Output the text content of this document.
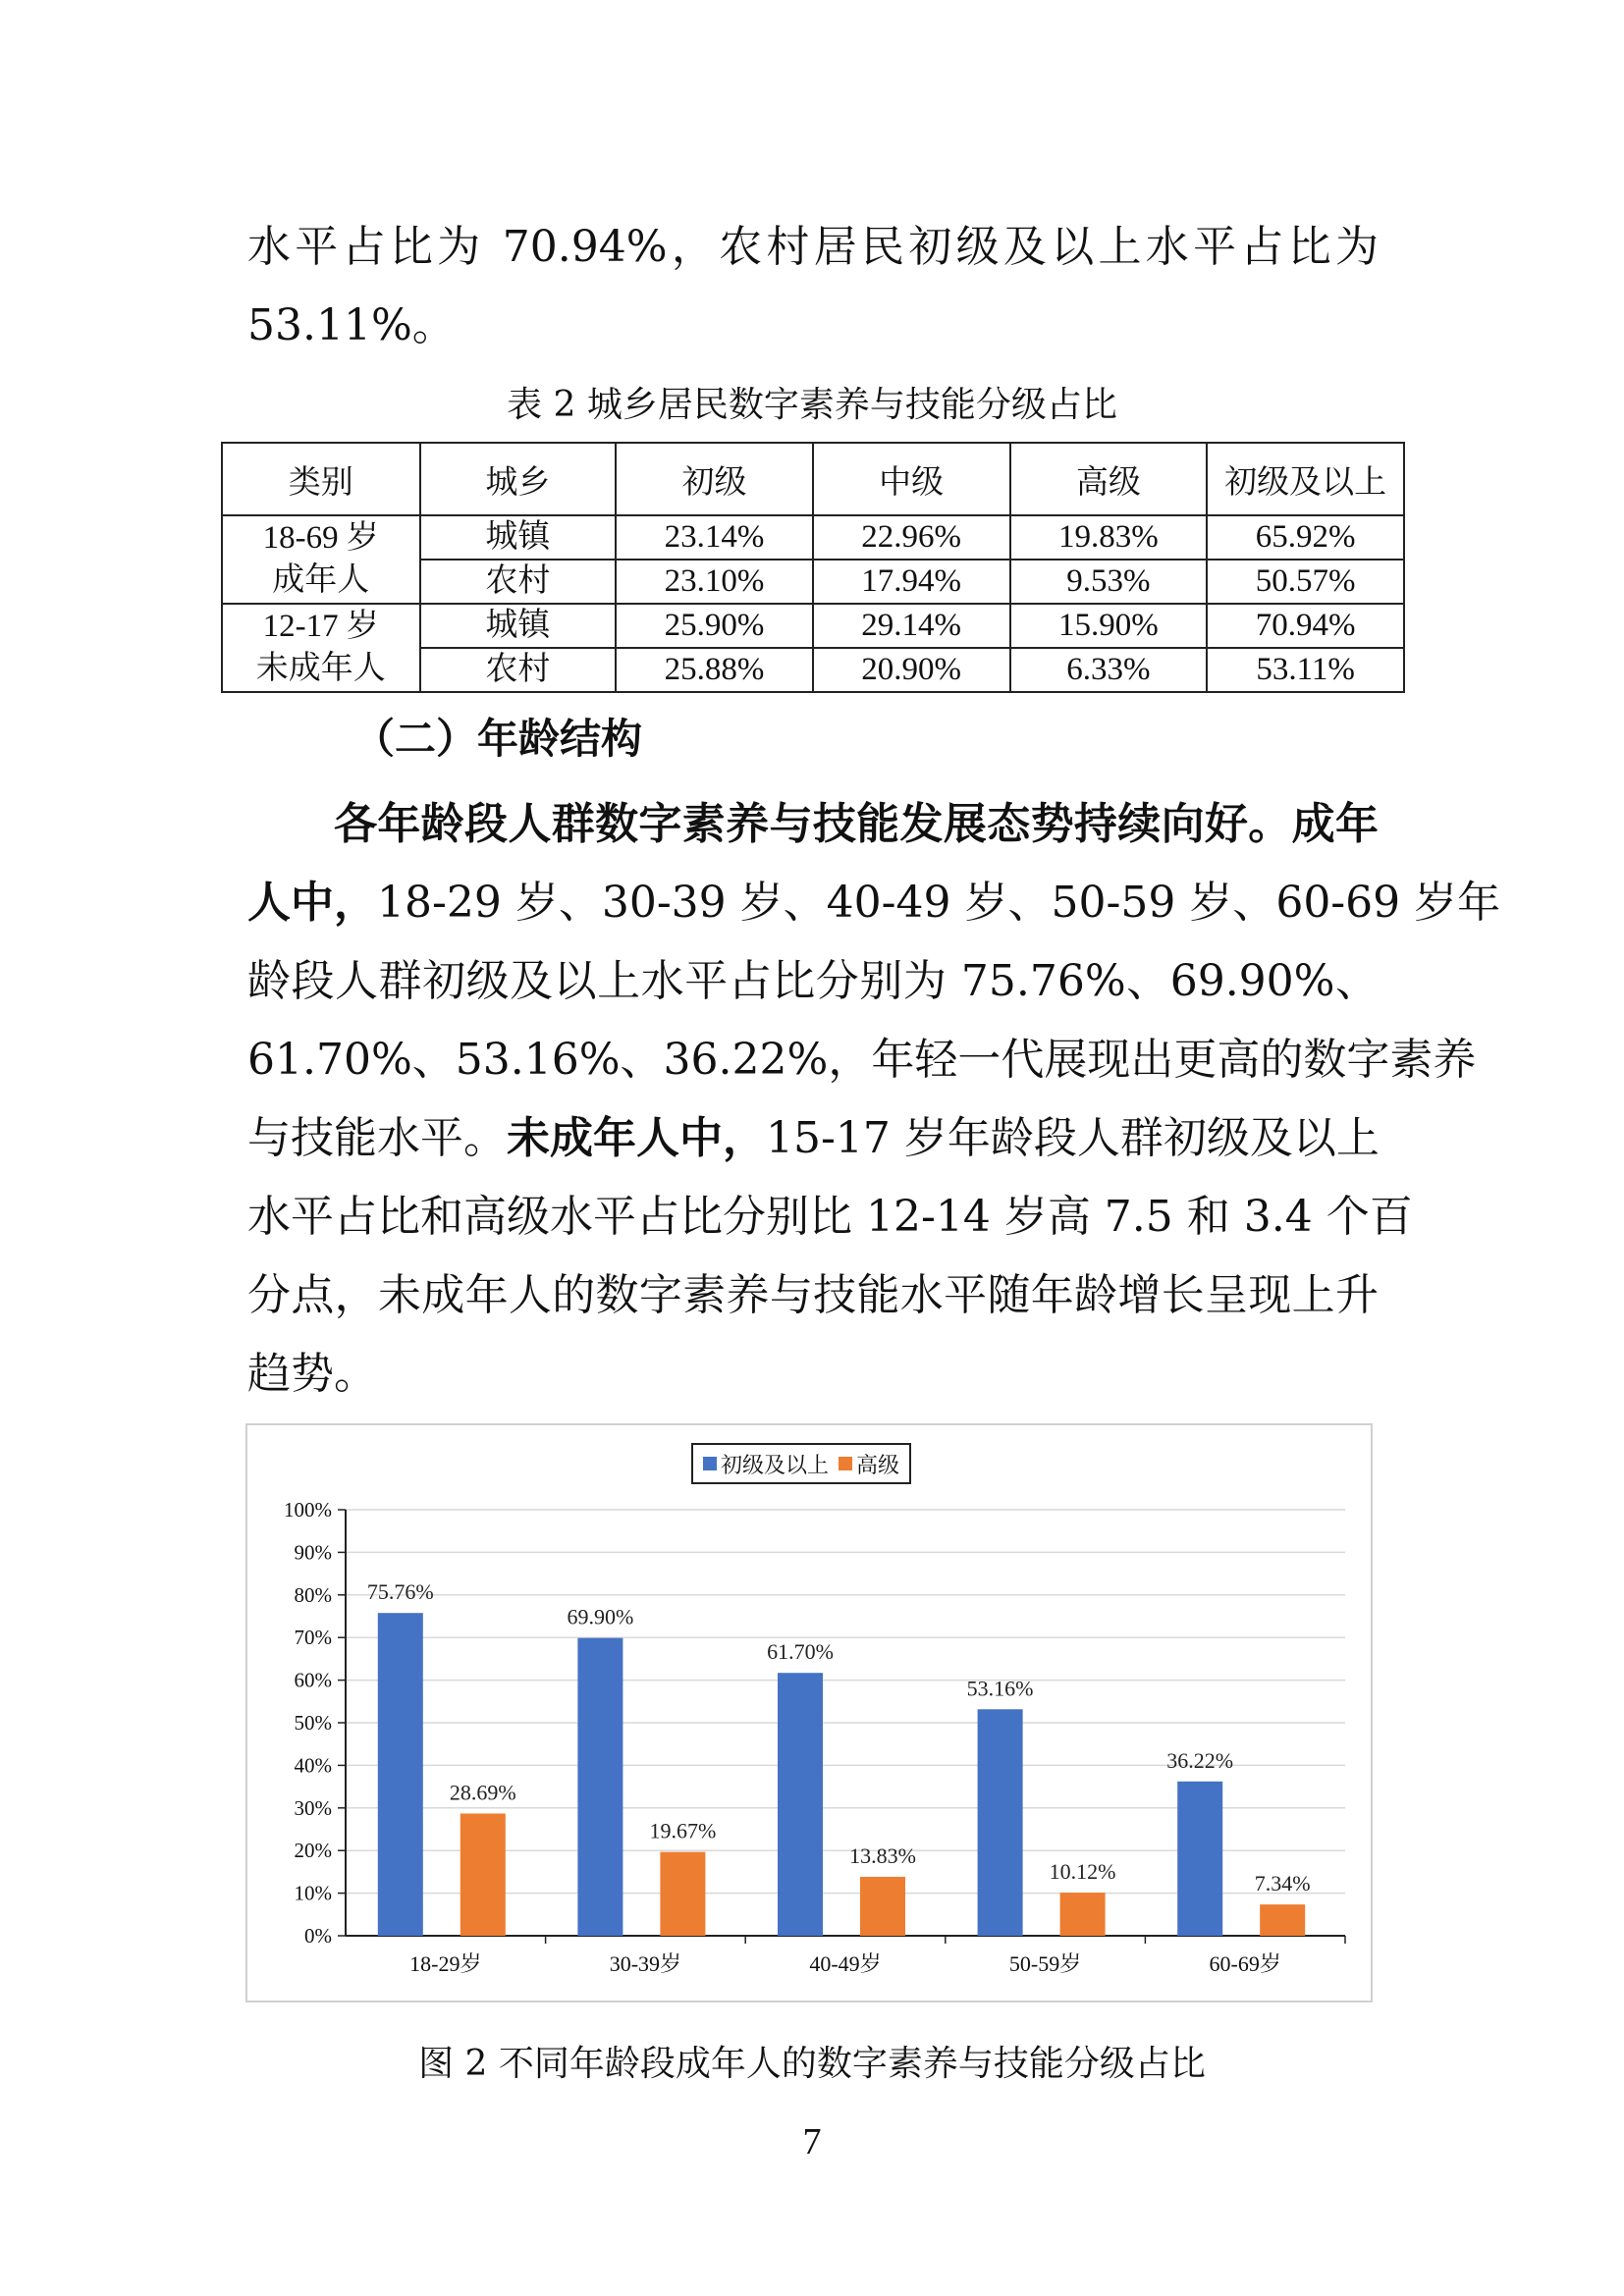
水平占比为 70.94%，农村居民初级及以上水平占比为
53.11%。
表 2 城乡居民数字素养与技能分级占比
类别	城乡	初级	中级	高级	初级及以上
18-69 岁
成年人	城镇	23.14%	22.96%	19.83%	65.92%
	农村	23.10%	17.94%	9.53%	50.57%
12-17 岁
未成年人	城镇	25.90%	29.14%	15.90%	70.94%
	农村	25.88%	20.90%	6.33%	53.11%
（二）年龄结构
各年龄段人群数字素养与技能发展态势持续向好。成年
人中，18-29 岁、30-39 岁、40-49 岁、50-59 岁、60-69 岁年
龄段人群初级及以上水平占比分别为 75.76%、69.90%、
61.70%、53.16%、36.22%，年轻一代展现出更高的数字素养
与技能水平。未成年人中，15-17 岁年龄段人群初级及以上
水平占比和高级水平占比分别比 12-14 岁高 7.5 和 3.4 个百
分点，未成年人的数字素养与技能水平随年龄增长呈现上升
趋势。
初级及以上 高级
0%
10%
20%
30%
40%
50%
60%
70%
80%
90%
100%
75.76%
28.69%
18-29岁
69.90%
19.67%
30-39岁
61.70%
13.83%
40-49岁
53.16%
10.12%
50-59岁
36.22%
7.34%
60-69岁
图 2 不同年龄段成年人的数字素养与技能分级占比
7
